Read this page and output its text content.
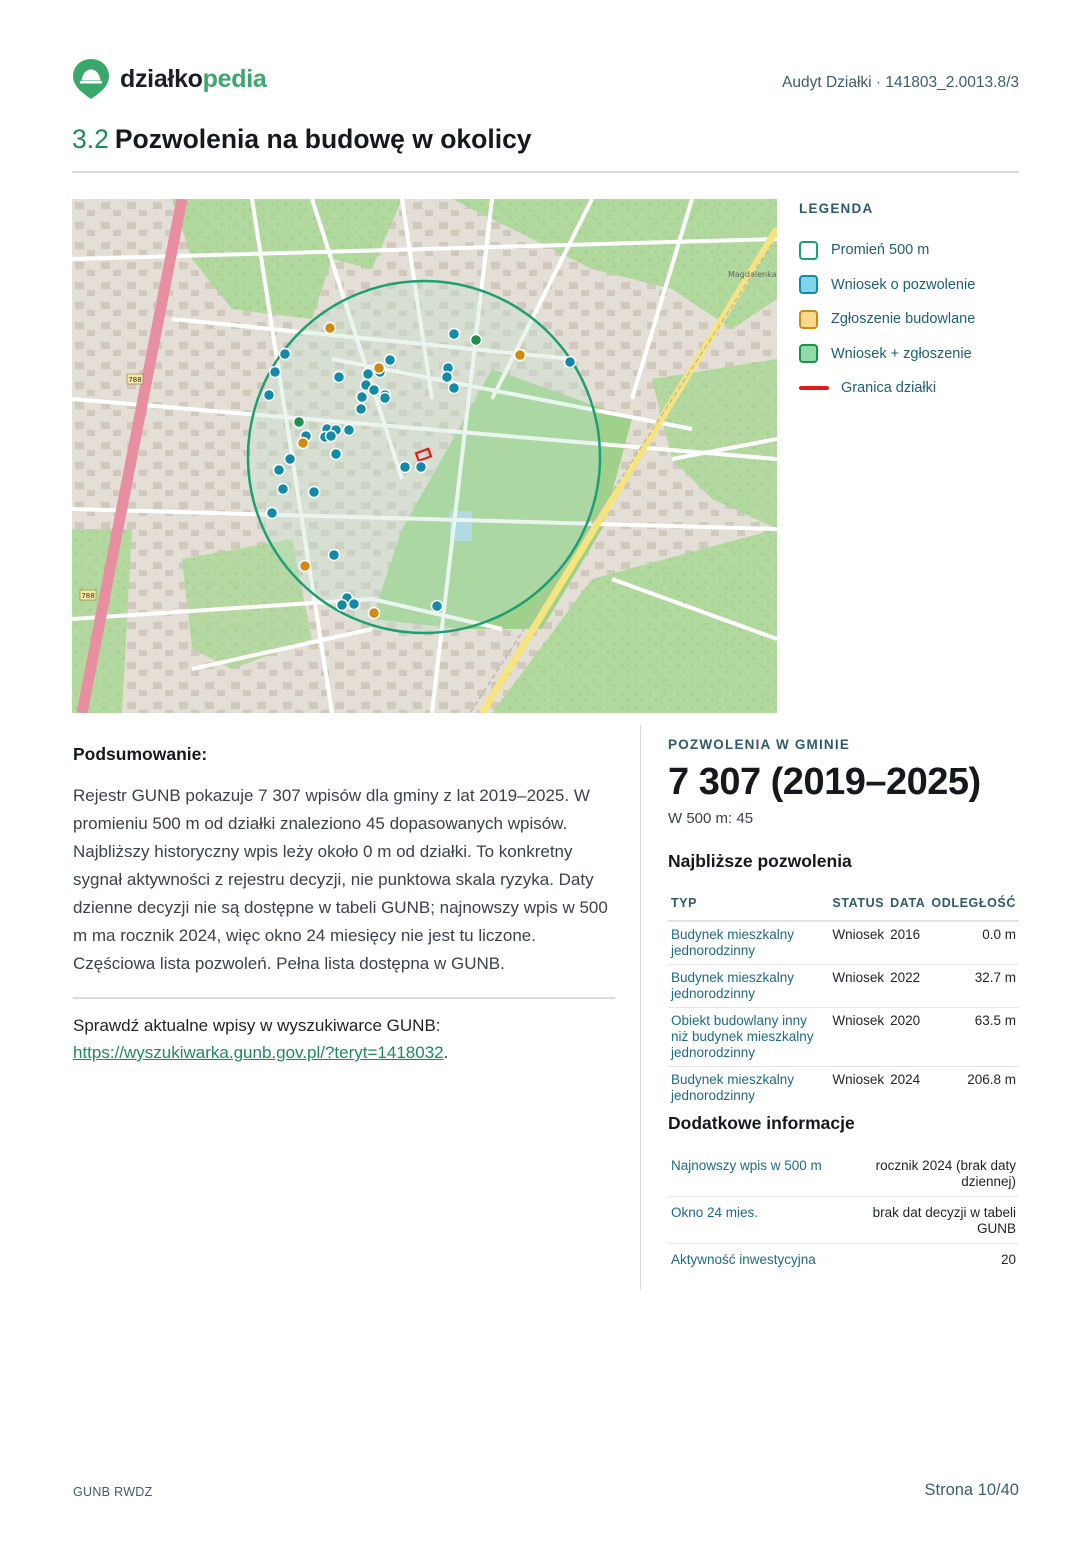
działkopedia	Audyt Działki · 141803_2.0013.8/3
3.2 Pozwolenia na budowę w okolicy
788
788
Magdalenka
LEGENDA
Promień 500 m
Wniosek o pozwolenie
Zgłoszenie budowlane
Wniosek + zgłoszenie
Granica działki
Podsumowanie:

Rejestr GUNB pokazuje 7 307 wpisów dla gminy z lat 2019–2025. W promieniu 500 m od działki znaleziono 45 dopasowanych wpisów. Najbliższy historyczny wpis leży około 0 m od działki. To konkretny sygnał aktywności z rejestru decyzji, nie punktowa skala ryzyka. Daty dzienne decyzji nie są dostępne w tabeli GUNB; najnowszy wpis w 500 m ma rocznik 2024, więc okno 24 miesięcy nie jest tu liczone. Częściowa lista pozwoleń. Pełna lista dostępna w GUNB.

Sprawdź aktualne wpisy w wyszukiwarce GUNB: https://wyszukiwarka.gunb.gov.pl/?teryt=1418032.

POZWOLENIA W GMINIE
7 307 (2019–2025)
W 500 m: 45
Najbliższe pozwolenia
TYP	STATUS	DATA	ODLEGŁOŚĆ
Budynek mieszkalny jednorodzinny	Wniosek	2016	0.0 m
Budynek mieszkalny jednorodzinny	Wniosek	2022	32.7 m
Obiekt budowlany inny niż budynek mieszkalny jednorodzinny	Wniosek	2020	63.5 m
Budynek mieszkalny jednorodzinny	Wniosek	2024	206.8 m
Dodatkowe informacje
Najnowszy wpis w 500 m	rocznik 2024 (brak daty dziennej)
Okno 24 mies.	brak dat decyzji w tabeli GUNB
Aktywność inwestycyjna	20
GUNB RWDZ	Strona 10/40
